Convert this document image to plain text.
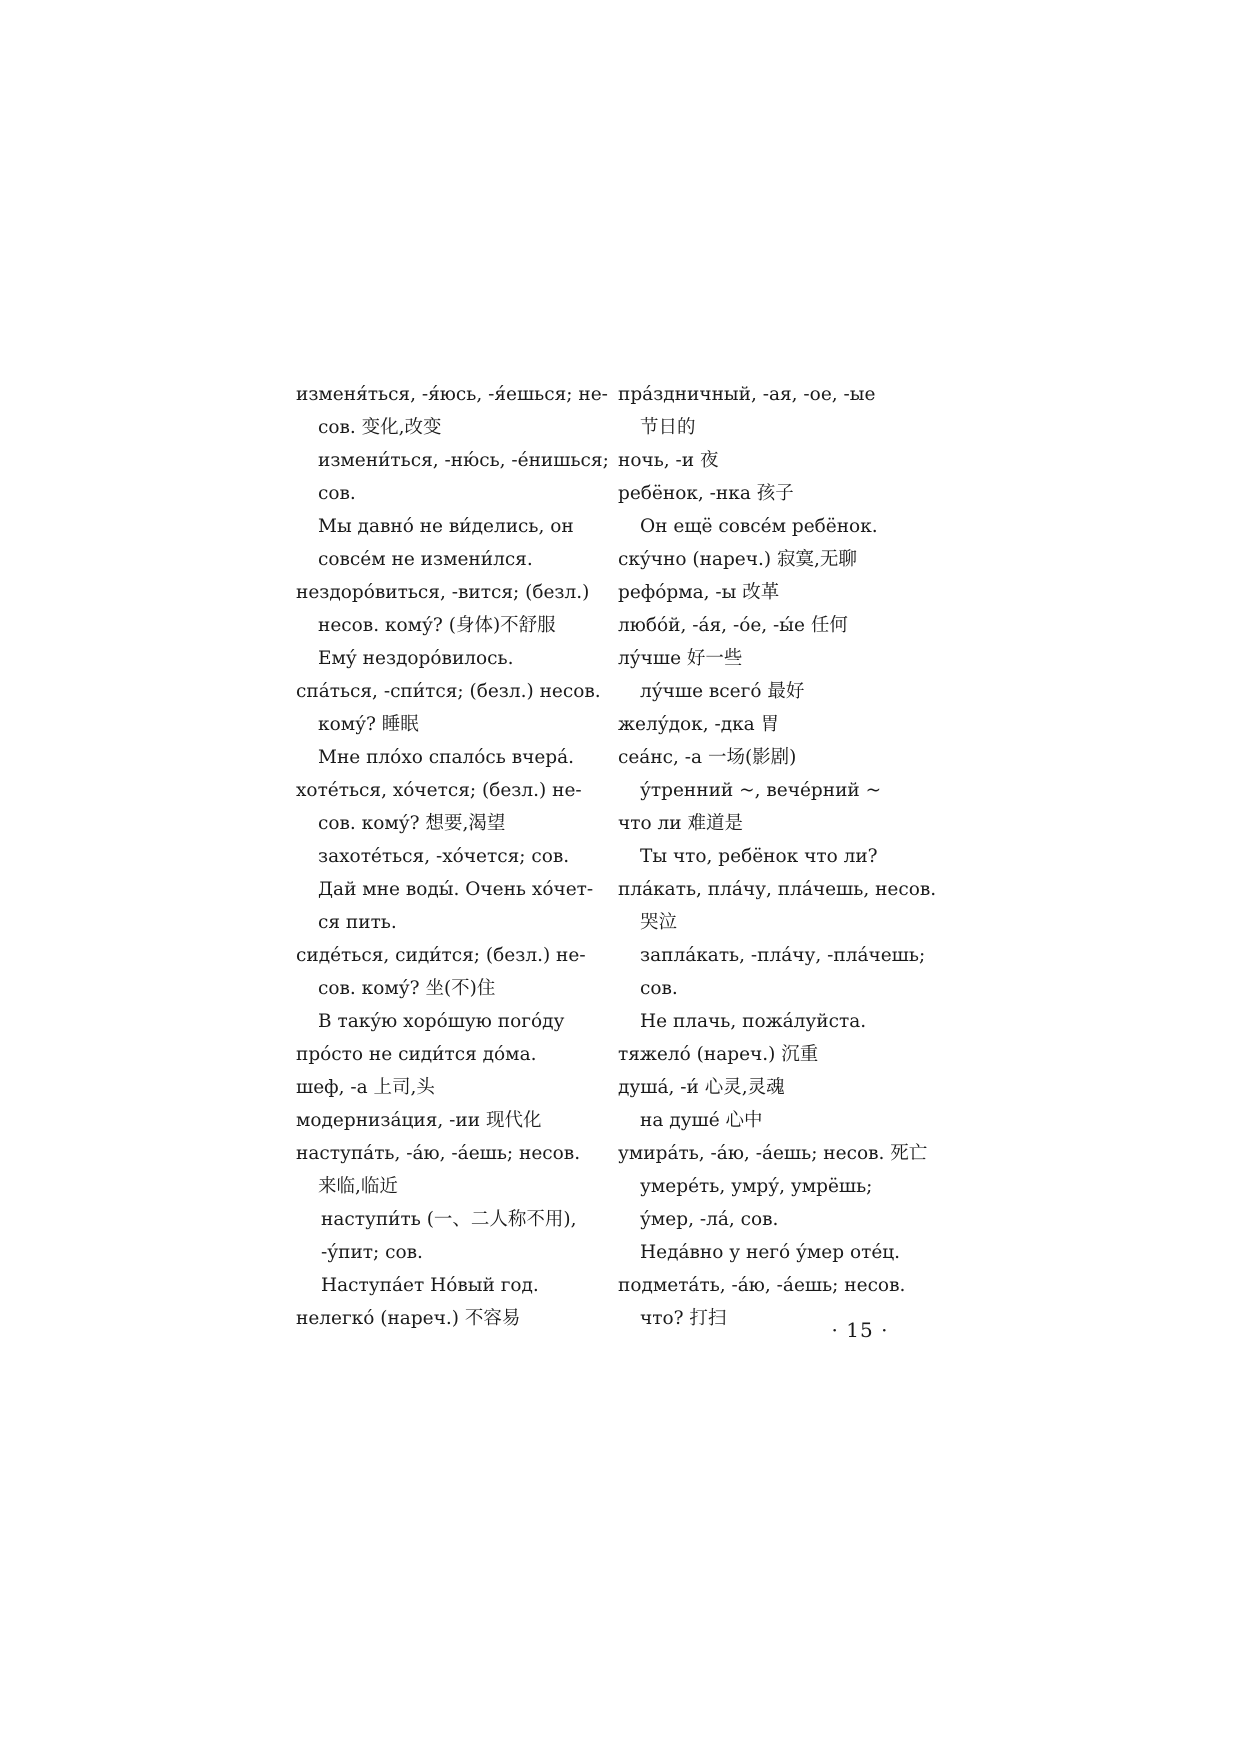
изменя́ться, -я́юсь, -я́ешься; не-
сов. 变化,改变
измени́ться, -ню́сь, -е́нишься;
сов.
Мы давно́ не ви́делись, он
совсе́м не измени́лся.
нездоро́виться, -вится; (безл.)
несов. кому́? (身体)不舒服
Ему́ нездоро́вилось.
спа́ться, -спи́тся; (безл.) несов.
кому́? 睡眠
Мне пло́хо спало́сь вчера́.
хоте́ться, хо́чется; (безл.) не-
сов. кому́? 想要,渴望
захоте́ться, -хо́чется; сов.
Дай мне воды́. Очень хо́чет-
ся пить.
сиде́ться, сиди́тся; (безл.) не-
сов. кому́? 坐(不)住
В таку́ю хоро́шую пого́ду
про́сто не сиди́тся до́ма.
шеф, -а 上司,头
модерниза́ция, -ии 现代化
наступа́ть, -а́ю, -а́ешь; несов.
来临,临近
наступи́ть (一、二人称不用),
-у́пит; сов.
Наступа́ет Но́вый год.
нелегко́ (нареч.) 不容易
пра́здничный, -ая, -ое, -ые
节日的
ночь, -и 夜
ребёнок, -нка 孩子
Он ещё совсе́м ребёнок.
ску́чно (нареч.) 寂寞,无聊
рефо́рма, -ы 改革
любо́й, -а́я, -о́е, -ы́е 任何
лу́чше 好一些
лу́чше всего́ 最好
желу́док, -дка 胃
сеа́нс, -а 一场(影剧)
у́тренний ~, вече́рний ~
что ли 难道是
Ты что, ребёнок что ли?
пла́кать, пла́чу, пла́чешь, несов.
哭泣
запла́кать, -пла́чу, -пла́чешь;
сов.
Не плачь, пожа́луйста.
тяжело́ (нареч.) 沉重
душа́, -и́ 心灵,灵魂
на душе́ 心中
умира́ть, -а́ю, -а́ешь; несов. 死亡
умере́ть, умру́, умрёшь;
у́мер, -ла́, сов.
Неда́вно у него́ у́мер оте́ц.
подмета́ть, -а́ю, -а́ешь; несов.
что? 打扫	· 15 ·
